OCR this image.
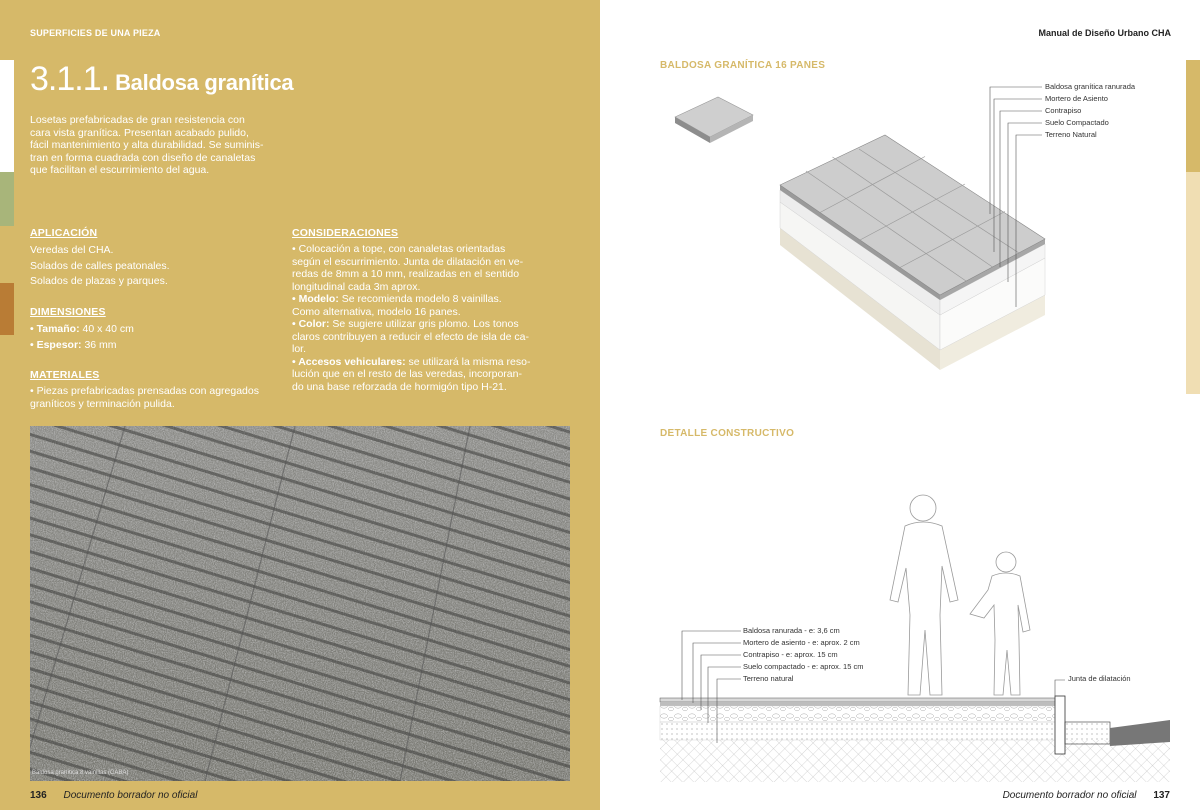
SUPERFICIES DE UNA PIEZA
3.1.1. Baldosa granítica
Losetas prefabricadas de gran resistencia con
cara vista granítica. Presentan acabado pulido,
fácil mantenimiento y alta durabilidad. Se suminis-
tran en forma cuadrada con diseño de canaletas
que facilitan el escurrimiento del agua.
APLICACIÓN
Veredas del CHA.
Solados de calles peatonales.
Solados de plazas y parques.
DIMENSIONES
• Tamaño: 40 x 40 cm
• Espesor: 36 mm
MATERIALES
• Piezas prefabricadas prensadas con agregados
graníticos y terminación pulida.
CONSIDERACIONES
• Colocación a tope, con canaletas orientadas
según el escurrimiento. Junta de dilatación en ve-
redas de 8mm a 10 mm, realizadas en el sentido
longitudinal cada 3m aprox.
• Modelo: Se recomienda modelo 8 vainillas.
Como alternativa, modelo 16 panes.
• Color: Se sugiere utilizar gris plomo. Los tonos
claros contribuyen a reducir el efecto de isla de ca-
lor.
• Accesos vehiculares: se utilizará la misma reso-
lución que en el resto de las veredas, incorporan-
do una base reforzada de hormigón tipo H-21.
Baldosa granítica 8 vainillas (CABA)
136 Documento borrador no oficial
Manual de Diseño Urbano CHA
BALDOSA GRANÍTICA 16 PANES
Baldosa granítica ranurada
Mortero de Asiento
Contrapiso
Suelo Compactado
Terreno Natural
DETALLE CONSTRUCTIVO
Baldosa ranurada - e: 3,6 cm
Mortero de asiento - e: aprox. 2 cm
Contrapiso - e: aprox. 15 cm
Suelo compactado - e: aprox. 15 cm
Terreno natural	Junta de dilatación
Documento borrador no oficial 137
